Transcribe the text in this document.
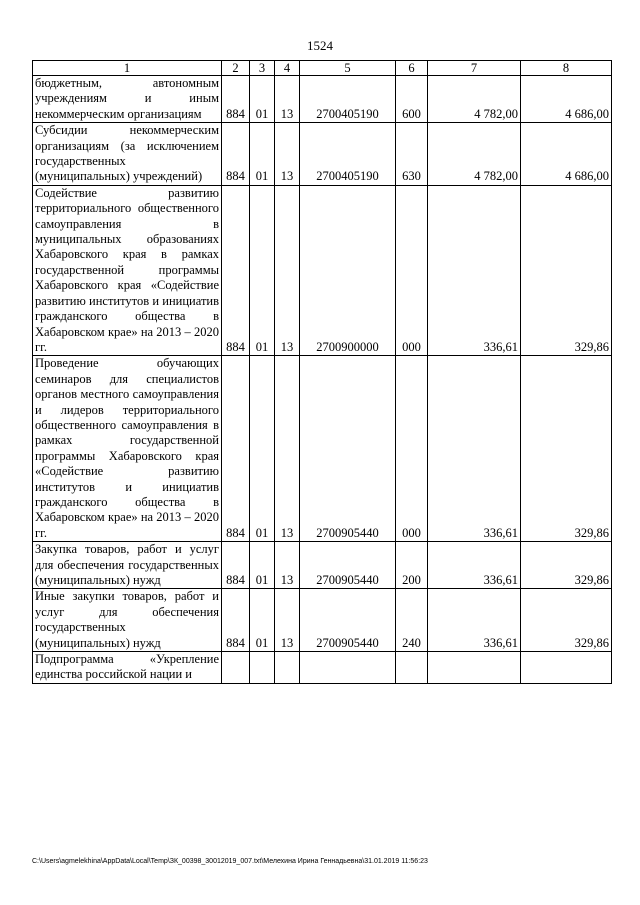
1524
1	2	3	4	5	6	7	8
бюджетным, автономным учреждениям и иным некоммерческим организациям	884	01	13	2700405190	600	4 782,00	4 686,00
Субсидии некоммерческим организациям (за исключением государственных (муниципальных) учреждений)	884	01	13	2700405190	630	4 782,00	4 686,00
Содействие развитию территориального общественного самоуправления в муниципальных образованиях Хабаровского края в рамках государственной программы Хабаровского края «Содействие развитию институтов и инициатив гражданского общества в Хабаровском крае» на 2013 – 2020 гг.	884	01	13	2700900000	000	336,61	329,86
Проведение обучающих семинаров для специалистов органов местного самоуправления и лидеров территориального общественного самоуправления в рамках государственной программы Хабаровского края «Содействие развитию институтов и инициатив гражданского общества в Хабаровском крае» на 2013 – 2020 гг.	884	01	13	2700905440	000	336,61	329,86
Закупка товаров, работ и услуг для обеспечения государственных (муниципальных) нужд	884	01	13	2700905440	200	336,61	329,86
Иные закупки товаров, работ и услуг для обеспечения государственных (муниципальных) нужд	884	01	13	2700905440	240	336,61	329,86
Подпрограмма «Укрепление единства российской нации и							
C:\Users\agmelekhina\AppData\Local\Temp\ЗК_00398_30012019_007.txt\Мелехина Ирина Геннадьевна\31.01.2019 11:56:23
